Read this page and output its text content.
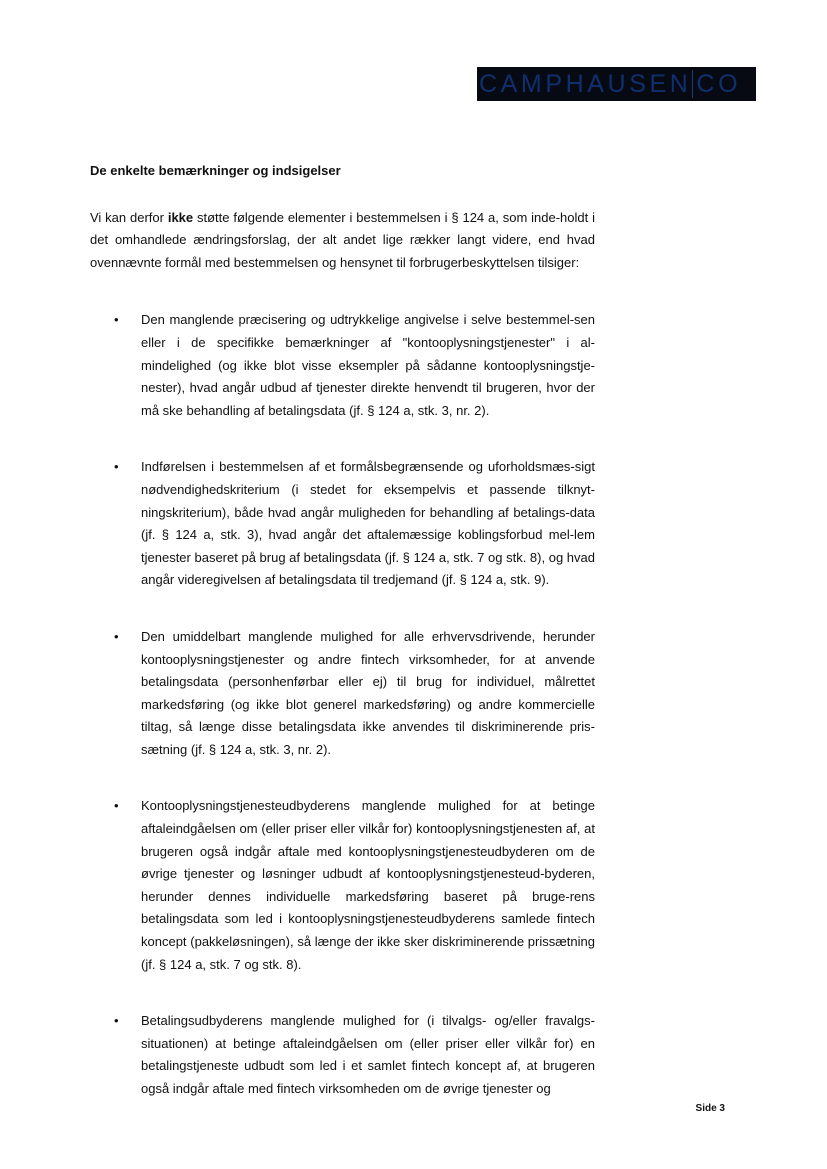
CAMPHAUSEN CO

De enkelte bemærkninger og indsigelser

Vi kan derfor ikke støtte følgende elementer i bestemmelsen i § 124 a, som inde-holdt i det omhandlede ændringsforslag, der alt andet lige rækker langt videre, end hvad ovennævnte formål med bestemmelsen og hensynet til forbrugerbeskyttelsen tilsiger:

• Den manglende præcisering og udtrykkelige angivelse i selve bestemmel-sen eller i de specifikke bemærkninger af "kontooplysningstjenester" i al-mindelighed (og ikke blot visse eksempler på sådanne kontooplysningstje-nester), hvad angår udbud af tjenester direkte henvendt til brugeren, hvor der må ske behandling af betalingsdata (jf. § 124 a, stk. 3, nr. 2).
• Indførelsen i bestemmelsen af et formålsbegrænsende og uforholdsmæs-sigt nødvendighedskriterium (i stedet for eksempelvis et passende tilknyt-ningskriterium), både hvad angår muligheden for behandling af betalings-data (jf. § 124 a, stk. 3), hvad angår det aftalemæssige koblingsforbud mel-lem tjenester baseret på brug af betalingsdata (jf. § 124 a, stk. 7 og stk. 8), og hvad angår videregivelsen af betalingsdata til tredjemand (jf. § 124 a, stk. 9).
• Den umiddelbart manglende mulighed for alle erhvervsdrivende, herunder kontooplysningstjenester og andre fintech virksomheder, for at anvende betalingsdata (personhenførbar eller ej) til brug for individuel, målrettet markedsføring (og ikke blot generel markedsføring) og andre kommercielle tiltag, så længe disse betalingsdata ikke anvendes til diskriminerende pris-sætning (jf. § 124 a, stk. 3, nr. 2).
• Kontooplysningstjenesteudbyderens manglende mulighed for at betinge aftaleindgåelsen om (eller priser eller vilkår for) kontooplysningstjenesten af, at brugeren også indgår aftale med kontooplysningstjenesteudbyderen om de øvrige tjenester og løsninger udbudt af kontooplysningstjenesteud-byderen, herunder dennes individuelle markedsføring baseret på bruge-rens betalingsdata som led i kontooplysningstjenesteudbyderens samlede fintech koncept (pakkeløsningen), så længe der ikke sker diskriminerende prissætning (jf. § 124 a, stk. 7 og stk. 8).
• Betalingsudbyderens manglende mulighed for (i tilvalgs- og/eller fravalgs-situationen) at betinge aftaleindgåelsen om (eller priser eller vilkår for) en betalingstjeneste udbudt som led i et samlet fintech koncept af, at brugeren også indgår aftale med fintech virksomheden om de øvrige tjenester og
Side 3
